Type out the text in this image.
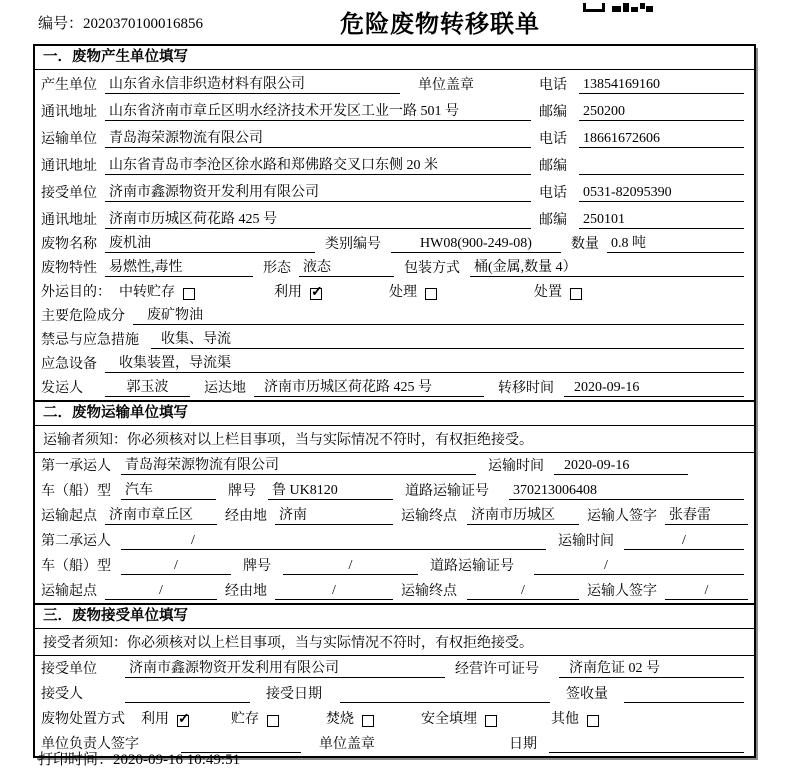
编号：2020370100016856	危险废物转移联单
一．废物产生单位填写
产生单位 山东省永信非织造材料有限公司	单位盖章	电话	13854169160
通讯地址 山东省济南市章丘区明水经济技术开发区工业一路 501 号	邮编	250200
运输单位 青岛海荣源物流有限公司	电话	18661672606
通讯地址 山东省青岛市李沧区徐水路和郑佛路交叉口东侧 20 米	邮编
接受单位 济南市鑫源物资开发利用有限公司	电话	0531-82095390
通讯地址 济南市历城区荷花路 425 号	邮编	250101
废物名称 废机油	类别编号	HW08(900-249-08)	数量 0.8 吨
废物特性 易燃性,毒性	形态 液态	包装方式	桶(金属,数量 4）
外运目的： 中转贮存	利用 ✓	处理	处置
主要危险成分	废矿物油
禁忌与应急措施	收集、导流
应急设备	收集装置，导流渠
发运人	郭玉波	运达地	济南市历城区荷花路 425 号	转移时间	2020-09-16
二．废物运输单位填写
运输者须知：你必须核对以上栏目事项，当与实际情况不符时，有权拒绝接受。
第一承运人	青岛海荣源物流有限公司	运输时间	2020-09-16
车（船）型	汽车	牌号	鲁 UK8120	道路运输证号	370213006408
运输起点 济南市章丘区	经由地 济南	运输终点	济南市历城区	运输人签字 张春雷
第二承运人	/	运输时间	/
车（船）型	/	牌号	/	道路运输证号	/
运输起点	/	经由地	/	运输终点	/	运输人签字	/
三．废物接受单位填写
接受者须知：你必须核对以上栏目事项，当与实际情况不符时，有权拒绝接受。
接受单位	济南市鑫源物资开发利用有限公司	经营许可证号	济南危证 02 号
接受人	接受日期	签收量
废物处置方式	利用 ✓	贮存	焚烧	安全填埋	其他
单位负责人签字	单位盖章	日期
打印时间：2020-09-16 10:49:51
